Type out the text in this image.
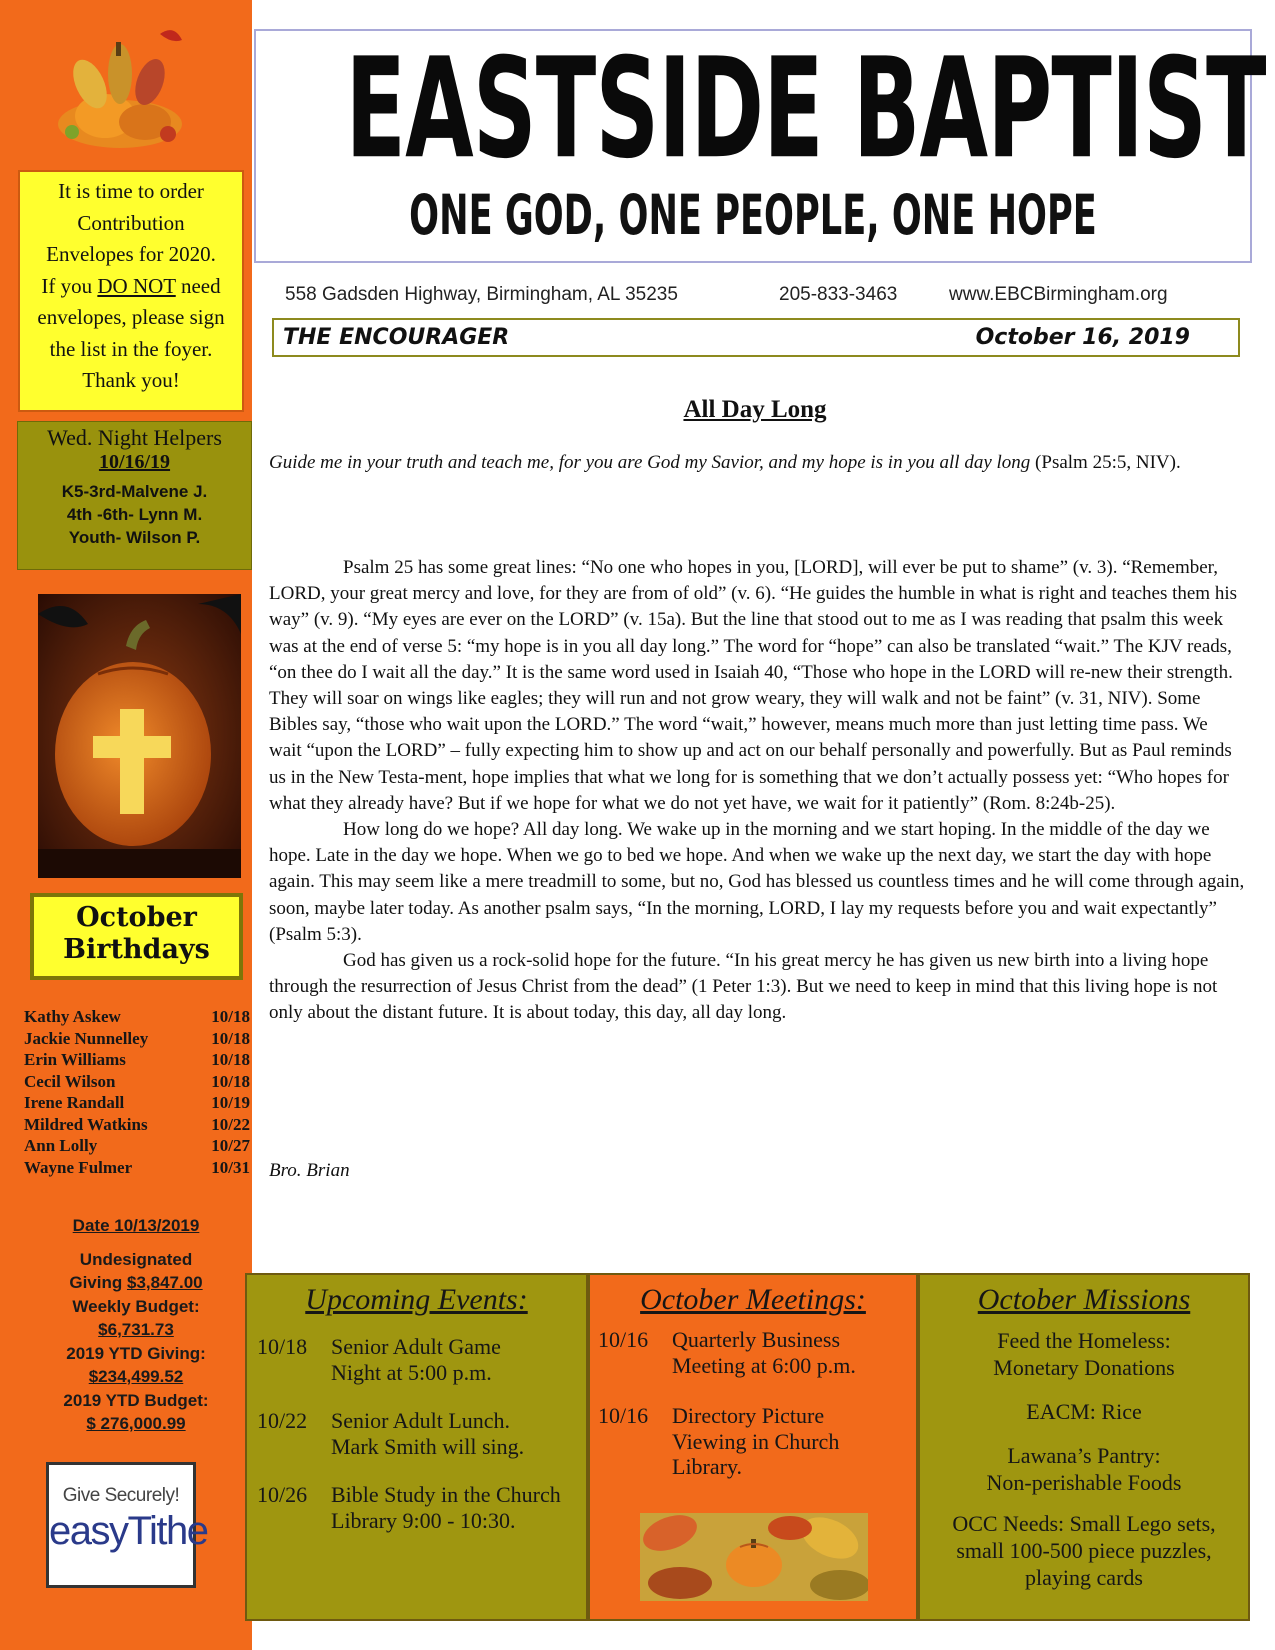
It is time to order
Contribution
Envelopes for 2020.
If you DO NOT need
envelopes, please sign
the list in the foyer.
Thank you!
Wed. Night Helpers
10/16/19
K5-3rd-Malvene J.
4th -6th- Lynn M.
Youth- Wilson P.
October
Birthdays
Kathy Askew	10/18
Jackie Nunnelley	10/18
Erin Williams	10/18
Cecil Wilson	10/18
Irene Randall	10/19
Mildred Watkins	10/22
Ann Lolly	10/27
Wayne Fulmer	10/31
Date 10/13/2019
Undesignated
Giving $3,847.00
Weekly Budget:
$6,731.73
2019 YTD Giving:
$234,499.52
2019 YTD Budget:
$ 276,000.99
Give Securely!
easyTithe
EASTSIDE BAPTIST
ONE GOD, ONE PEOPLE, ONE HOPE
558 Gadsden Highway, Birmingham, AL 35235	205-833-3463	www.EBCBirmingham.org
THE ENCOURAGER	October 16, 2019
All Day Long
Guide me in your truth and teach me, for you are God my Savior, and my hope is in you all day long (Psalm 25:5, NIV).

Psalm 25 has some great lines: “No one who hopes in you, [LORD], will ever be put to shame” (v. 3). “Remember, LORD, your great mercy and love, for they are from of old” (v. 6). “He guides the humble in what is right and teaches them his way” (v. 9). “My eyes are ever on the LORD” (v. 15a). But the line that stood out to me as I was reading that psalm this week was at the end of verse 5: “my hope is in you all day long.” The word for “hope” can also be translated “wait.” The KJV reads, “on thee do I wait all the day.” It is the same word used in Isaiah 40, “Those who hope in the LORD will re-new their strength. They will soar on wings like eagles; they will run and not grow weary, they will walk and not be faint” (v. 31, NIV). Some Bibles say, “those who wait upon the LORD.” The word “wait,” however, means much more than just letting time pass. We wait “upon the LORD” – fully expecting him to show up and act on our behalf personally and powerfully. But as Paul reminds us in the New Testa-ment, hope implies that what we long for is something that we don’t actually possess yet: “Who hopes for what they already have? But if we hope for what we do not yet have, we wait for it patiently” (Rom. 8:24b-25).

How long do we hope? All day long. We wake up in the morning and we start hoping. In the middle of the day we hope. Late in the day we hope. When we go to bed we hope. And when we wake up the next day, we start the day with hope again. This may seem like a mere treadmill to some, but no, God has blessed us countless times and he will come through again, soon, maybe later today. As another psalm says, “In the morning, LORD, I lay my requests before you and wait expectantly” (Psalm 5:3).

God has given us a rock-solid hope for the future. “In his great mercy he has given us new birth into a living hope through the resurrection of Jesus Christ from the dead” (1 Peter 1:3). But we need to keep in mind that this living hope is not only about the distant future. It is about today, this day, all day long.

Bro. Brian
Upcoming Events:
10/18	Senior Adult Game
Night at 5:00 p.m.
10/22	Senior Adult Lunch.
Mark Smith will sing.
10/26	Bible Study in the Church
Library 9:00 - 10:30.
October Meetings:
10/16	Quarterly Business
Meeting at 6:00 p.m.
10/16	Directory Picture
Viewing in Church
Library.
October Missions
Feed the Homeless:
Monetary Donations
EACM: Rice
Lawana’s Pantry:
Non-perishable Foods
OCC Needs: Small Lego sets,
small 100-500 piece puzzles,
playing cards
